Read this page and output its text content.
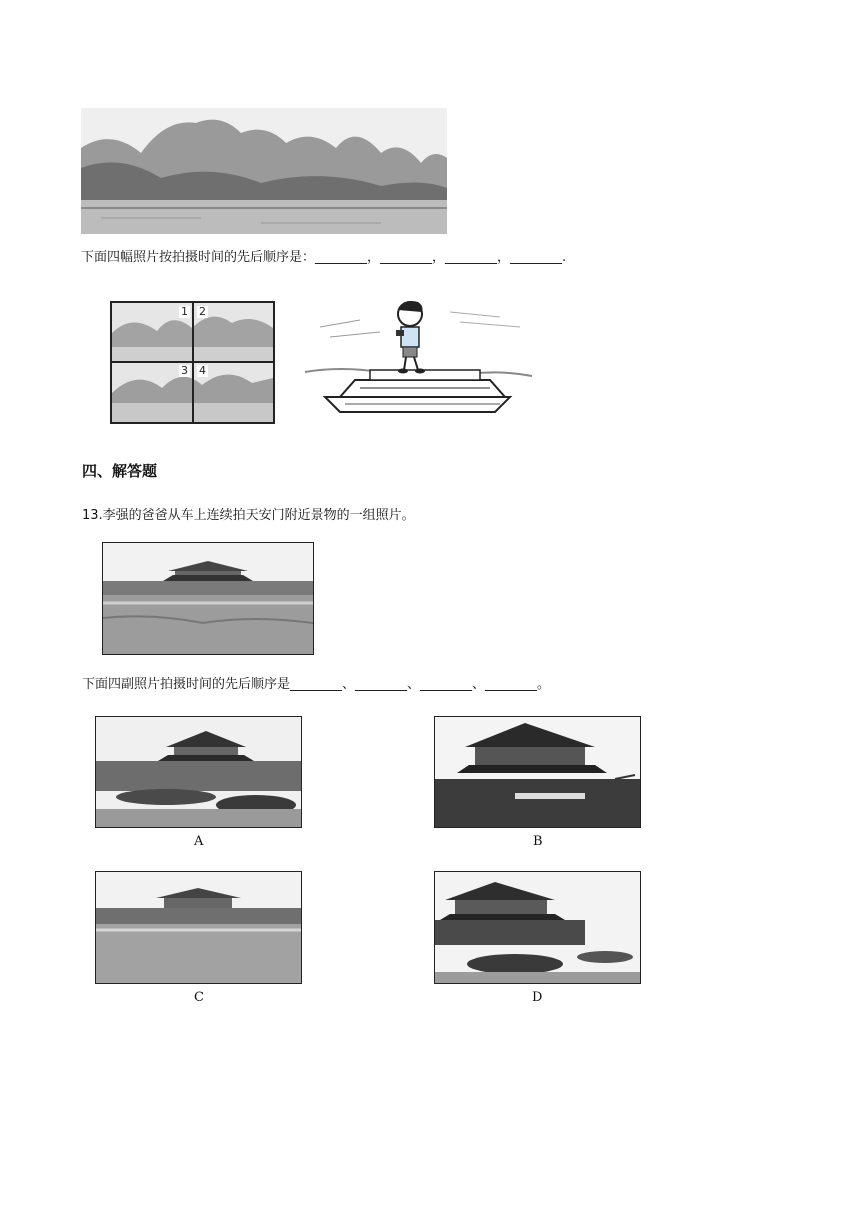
下面四幅照片按拍摄时间的先后顺序是：________，________，________，________.
1 2
3 4
四、解答题
13.李强的爸爸从车上连续拍天安门附近景物的一组照片。
下面四副照片拍摄时间的先后顺序是________、________、________、________。
A	B
C	D
